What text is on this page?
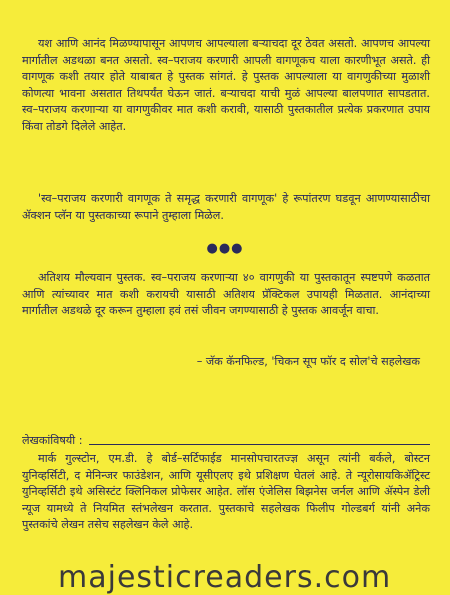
यश आणि आनंद मिळण्यापासून आपणच आपल्याला बऱ्याचदा दूर ठेवत असतो. आपणच आपल्या मार्गातील अडथळा बनत असतो. स्व–पराजय करणारी आपली वागणूकच याला कारणीभूत असते. ही वागणूक कशी तयार होते याबाबत हे पुस्तक सांगतं. हे पुस्तक आपल्याला या वागणुकीच्या मुळाशी कोणत्या भावना असतात तिथपर्यंत घेऊन जातं. बऱ्याचदा याची मुळं आपल्या बालपणात सापडतात. स्व–पराजय करणाऱ्या या वागणुकीवर मात कशी करावी, यासाठी पुस्तकातील प्रत्येक प्रकरणात उपाय किंवा तोडगे दिलेले आहेत.

'स्व–पराजय करणारी वागणूक ते समृद्ध करणारी वागणूक' हे रूपांतरण घडवून आणण्यासाठीचा ॲक्शन प्लॅन या पुस्तकाच्या रूपाने तुम्हाला मिळेल.

●●●

अतिशय मौल्यवान पुस्तक. स्व–पराजय करणाऱ्या ४० वागणुकी या पुस्तकातून स्पष्टपणे कळतात आणि त्यांच्यावर मात कशी करायची यासाठी अतिशय प्रॅक्टिकल उपायही मिळतात. आनंदाच्या मार्गातील अडथळे दूर करून तुम्हाला हवं तसं जीवन जगण्यासाठी हे पुस्तक आवर्जून वाचा.

– जॅक कॅनफिल्ड, 'चिकन सूप फॉर द सोल'चे सहलेखक
लेखकांविषयी :

मार्क गुल्स्टोन, एम.डी. हे बोर्ड–सर्टिफाईड मानसोपचारतज्ज्ञ असून त्यांनी बर्कले, बोस्टन युनिव्हर्सिटी, द मेनिन्जर फाउंडेशन, आणि यूसीएलए इथे प्रशिक्षण घेतलं आहे. ते न्यूरोसायकिॲट्रिस्ट युनिव्हर्सिटी इथे असिस्टंट क्लिनिकल प्रोफेसर आहेत. लॉस एंजेलिस बिझनेस जर्नल आणि ॲस्पेन डेली न्यूज यामध्ये ते नियमित स्तंभलेखन करतात. पुस्तकाचे सहलेखक फिलीप गोल्डबर्ग यांनी अनेक पुस्तकांचे लेखन तसेच सहलेखन केले आहे.

majesticreaders.com
